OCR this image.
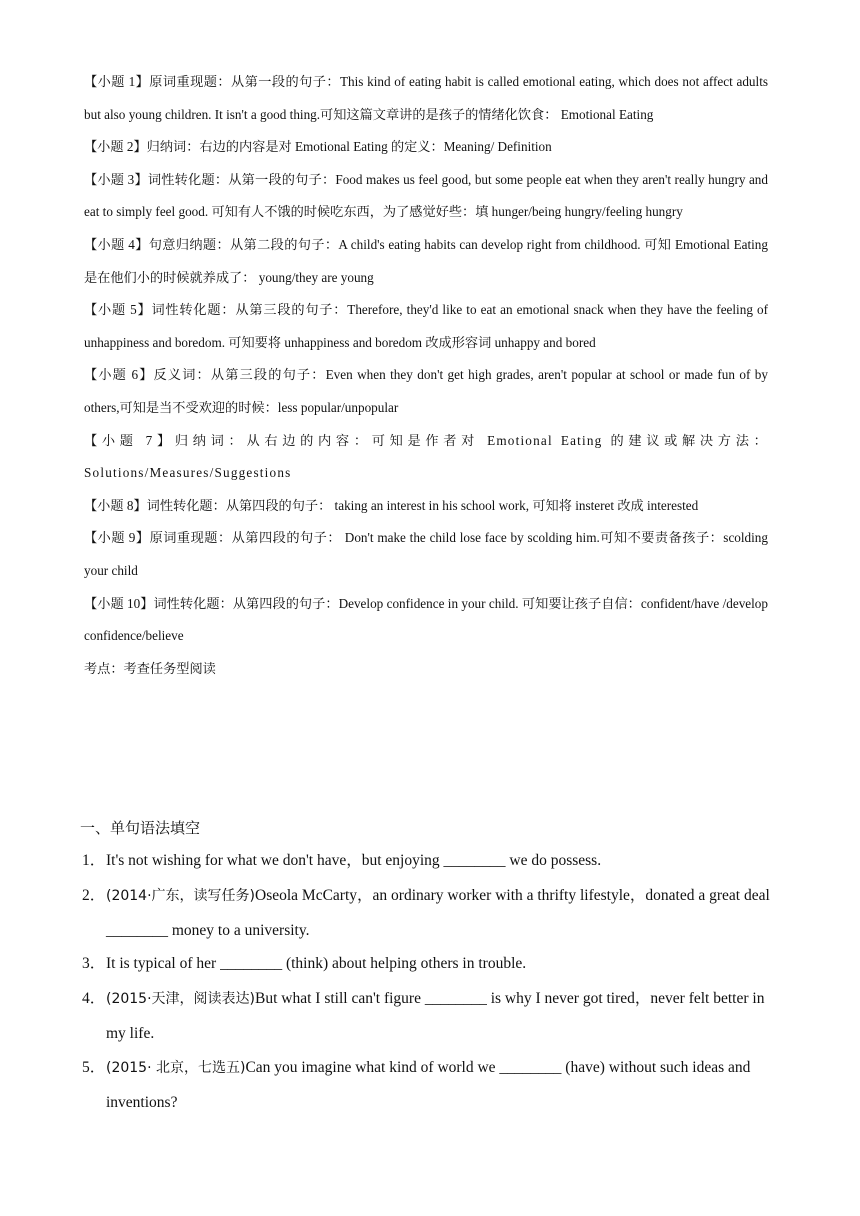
【小题 1】原词重现题：从第一段的句子：This kind of eating habit is called emotional eating, which does not affect adults but also young children. It isn't a good thing.可知这篇文章讲的是孩子的情绪化饮食： Emotional Eating

【小题 2】归纳词：右边的内容是对 Emotional Eating 的定义：Meaning/ Definition

【小题 3】词性转化题：从第一段的句子：Food makes us feel good, but some people eat when they aren't really hungry and eat to simply feel good. 可知有人不饿的时候吃东西，为了感觉好些：填 hunger/being hungry/feeling hungry

【小题 4】句意归纳题：从第二段的句子：A child's eating habits can develop right from childhood. 可知 Emotional Eating 是在他们小的时候就养成了： young/they are young

【小题 5】词性转化题：从第三段的句子：Therefore, they'd like to eat an emotional snack when they have the feeling of unhappiness and boredom. 可知要将 unhappiness and boredom 改成形容词 unhappy and bored

【小题 6】反义词：从第三段的句子：Even when they don't get high grades, aren't popular at school or made fun of by others,可知是当不受欢迎的时候：less popular/unpopular

【小题 7】归纳词：从右边的内容：可知是作者对 Emotional Eating 的建议或解决方法：Solutions/Measures/Suggestions

【小题 8】词性转化题：从第四段的句子： taking an interest in his school work, 可知将 insteret 改成 interested

【小题 9】原词重现题：从第四段的句子： Don't make the child lose face by scolding him.可知不要责备孩子：scolding your child

【小题 10】词性转化题：从第四段的句子：Develop confidence in your child. 可知要让孩子自信：confident/have /develop confidence/believe

考点：考查任务型阅读

一、单句语法填空

1． It's not wishing for what we don't have，but enjoying ________ we do possess.
2． (2014·广东，读写任务)Oseola McCarty，an ordinary worker with a thrifty lifestyle，donated a great deal ________ money to a university.
3． It is typical of her ________ (think) about helping others in trouble.
4． (2015·天津，阅读表达)But what I still can't figure ________ is why I never got tired，never felt better in my life.
5． (2015· 北京，七选五)Can you imagine what kind of world we ________ (have) without such ideas and inventions?
